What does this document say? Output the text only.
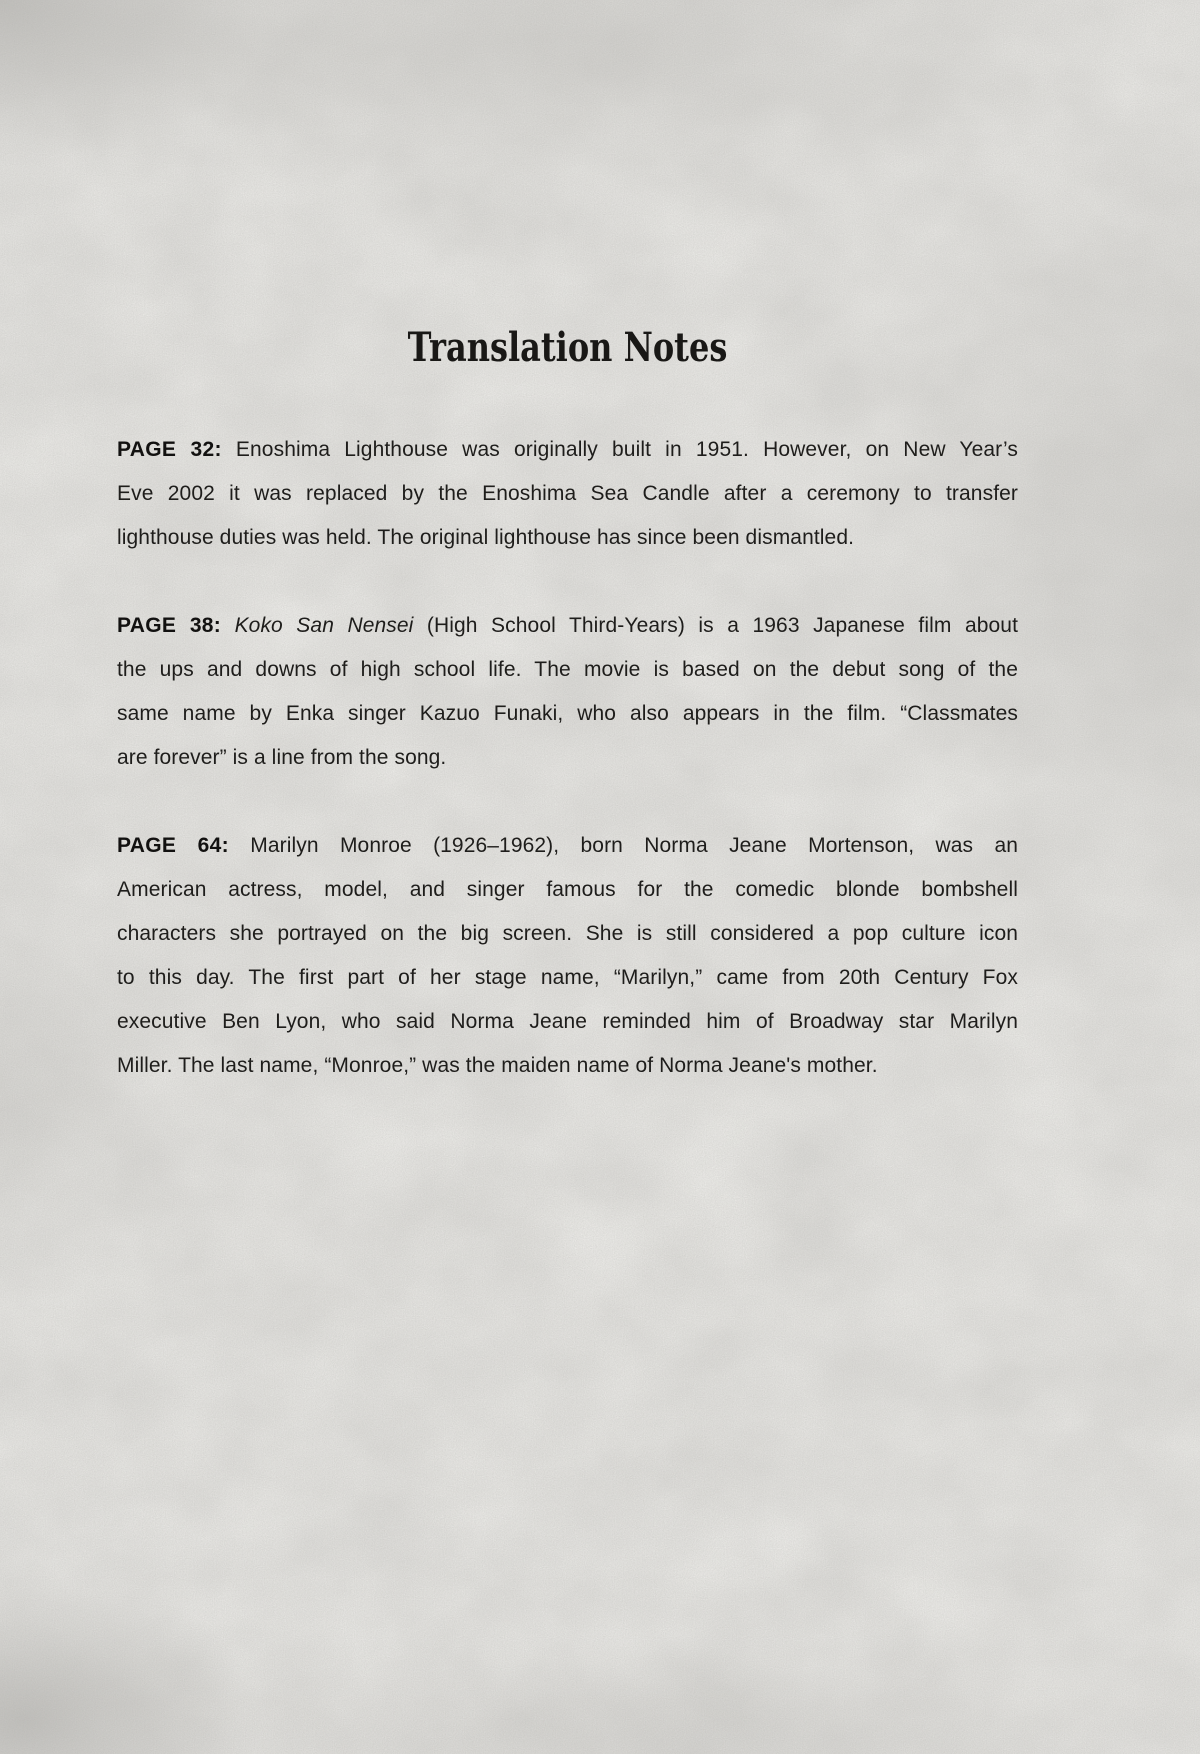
Translation Notes
PAGE 32: Enoshima Lighthouse was originally built in 1951. However, on New Year’s
Eve 2002 it was replaced by the Enoshima Sea Candle after a ceremony to transfer
lighthouse duties was held. The original lighthouse has since been dismantled.
PAGE 38: Koko San Nensei (High School Third-Years) is a 1963 Japanese film about
the ups and downs of high school life. The movie is based on the debut song of the
same name by Enka singer Kazuo Funaki, who also appears in the film. “Classmates
are forever” is a line from the song.
PAGE 64: Marilyn Monroe (1926–1962), born Norma Jeane Mortenson, was an
American actress, model, and singer famous for the comedic blonde bombshell
characters she portrayed on the big screen. She is still considered a pop culture icon
to this day. The first part of her stage name, “Marilyn,” came from 20th Century Fox
executive Ben Lyon, who said Norma Jeane reminded him of Broadway star Marilyn
Miller. The last name, “Monroe,” was the maiden name of Norma Jeane's mother.
